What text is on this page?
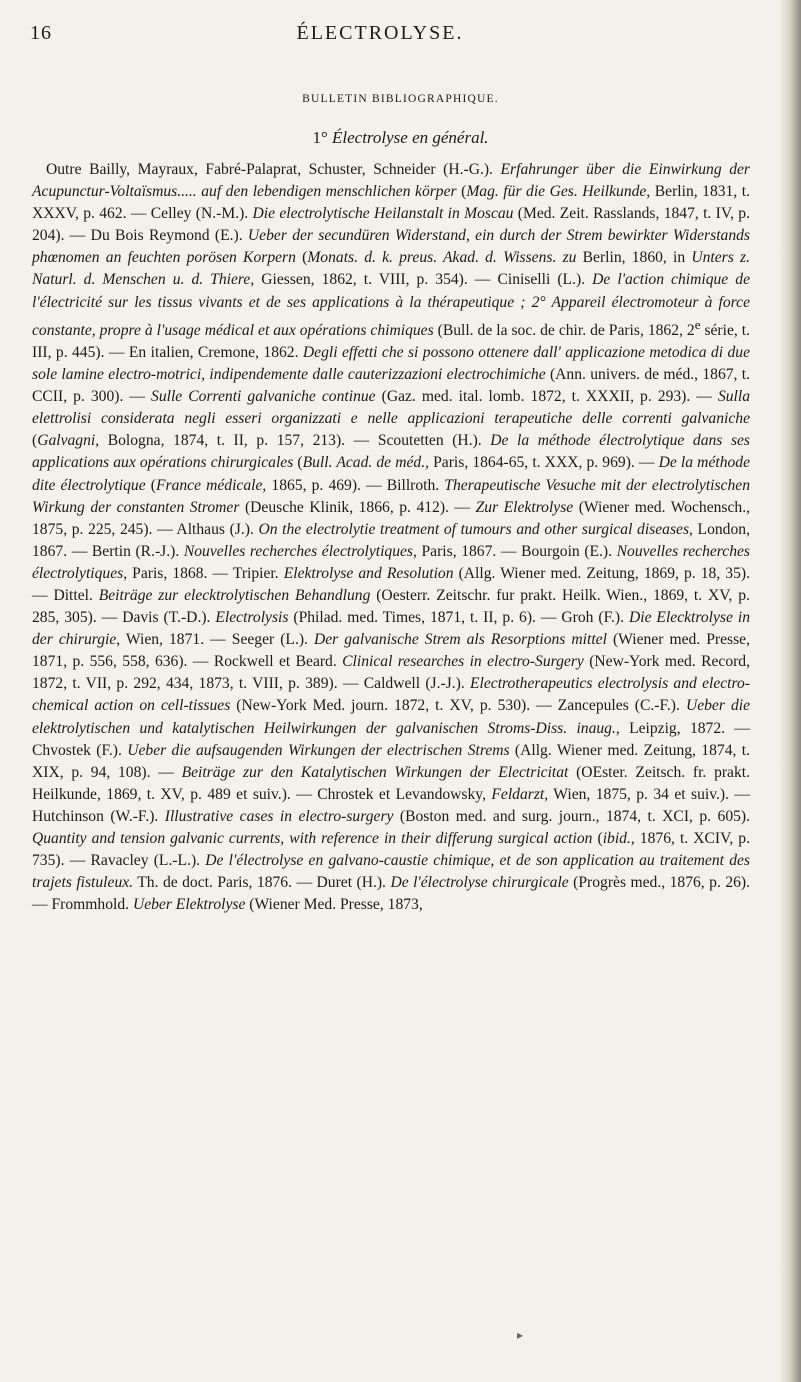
16	ÉLECTROLYSE.
BULLETIN BIBLIOGRAPHIQUE.
1° Électrolyse en général.

Outre Bailly, Mayraux, Fabré-Palaprat, Schuster, Schneider (H.-G.). Erfahrunger über die Einwirkung der Acupunctur-Voltaïsmus..... auf den lebendigen menschlichen körper (Mag. für die Ges. Heilkunde, Berlin, 1831, t. XXXV, p. 462. — Celley (N.-M.). Die electrolytische Heilanstalt in Moscau (Med. Zeit. Rasslands, 1847, t. IV, p. 204). — Du Bois Reymond (E.). Ueber der secundüren Widerstand, ein durch der Strem bewirkter Widerstands phœnomen an feuchten porösen Korpern (Monats. d. k. preus. Akad. d. Wissens. zu Berlin, 1860, in Unters z. Naturl. d. Menschen u. d. Thiere, Giessen, 1862, t. VIII, p. 354). — Ciniselli (L.). De l'action chimique de l'électricité sur les tissus vivants et de ses applications à la thérapeutique ; 2° Appareil électromoteur à force constante, propre à l'usage médical et aux opérations chimiques (Bull. de la soc. de chir. de Paris, 1862, 2e série, t. III, p. 445). — En italien, Cremone, 1862. Degli effetti che si possono ottenere dall' applicazione metodica di due sole lamine electro-motrici, indipendemente dalle cauterizzazioni electrochimiche (Ann. univers. de méd., 1867, t. CCII, p. 300). — Sulle Correnti galvaniche continue (Gaz. med. ital. lomb. 1872, t. XXXII, p. 293). — Sulla elettrolisi considerata negli esseri organizzati e nelle applicazioni terapeutiche delle correnti galvaniche (Galvagni, Bologna, 1874, t. II, p. 157, 213). — Scoutetten (H.). De la méthode électrolytique dans ses applications aux opérations chirurgicales (Bull. Acad. de méd., Paris, 1864-65, t. XXX, p. 969). — De la méthode dite électrolytique (France médicale, 1865, p. 469). — Billroth. Therapeutische Vesuche mit der electrolytischen Wirkung der constanten Stromer (Deusche Klinik, 1866, p. 412). — Zur Elektrolyse (Wiener med. Wochensch., 1875, p. 225, 245). — Althaus (J.). On the electrolytie treatment of tumours and other surgical diseases, London, 1867. — Bertin (R.-J.). Nouvelles recherches électrolytiques, Paris, 1867. — Bourgoin (E.). Nouvelles recherches électrolytiques, Paris, 1868. — Tripier. Elektrolyse and Resolution (Allg. Wiener med. Zeitung, 1869, p. 18, 35). — Dittel. Beiträge zur elecktrolytischen Behandlung (Oesterr. Zeitschr. fur prakt. Heilk. Wien., 1869, t. XV, p. 285, 305). — Davis (T.-D.). Electrolysis (Philad. med. Times, 1871, t. II, p. 6). — Groh (F.). Die Elecktrolyse in der chirurgie, Wien, 1871. — Seeger (L.). Der galvanische Strem als Resorptions mittel (Wiener med. Presse, 1871, p. 556, 558, 636). — Rockwell et Beard. Clinical researches in electro-Surgery (New-York med. Record, 1872, t. VII, p. 292, 434, 1873, t. VIII, p. 389). — Caldwell (J.-J.). Electrotherapeutics electrolysis and electro-chemical action on cell-tissues (New-York Med. journ. 1872, t. XV, p. 530). — Zancepules (C.-F.). Ueber die elektrolytischen und katalytischen Heilwirkungen der galvanischen Stroms-Diss. inaug., Leipzig, 1872. — Chvostek (F.). Ueber die aufsaugenden Wirkungen der electrischen Strems (Allg. Wiener med. Zeitung, 1874, t. XIX, p. 94, 108). — Beiträge zur den Katalytischen Wirkungen der Electricitat (OEster. Zeitsch. fr. prakt. Heilkunde, 1869, t. XV, p. 489 et suiv.). — Chrostek et Levandowsky, Feldarzt, Wien, 1875, p. 34 et suiv.). — Hutchinson (W.-F.). Illustrative cases in electro-surgery (Boston med. and surg. journ., 1874, t. XCI, p. 605). Quantity and tension galvanic currents, with reference in their differung surgical action (ibid., 1876, t. XCIV, p. 735). — Ravacley (L.-L.). De l'électrolyse en galvano-caustie chimique, et de son application au traitement des trajets fistuleux. Th. de doct. Paris, 1876. — Duret (H.). De l'électrolyse chirurgicale (Progrès med., 1876, p. 26). — Frommhold. Ueber Elektrolyse (Wiener Med. Presse, 1873,

▸
